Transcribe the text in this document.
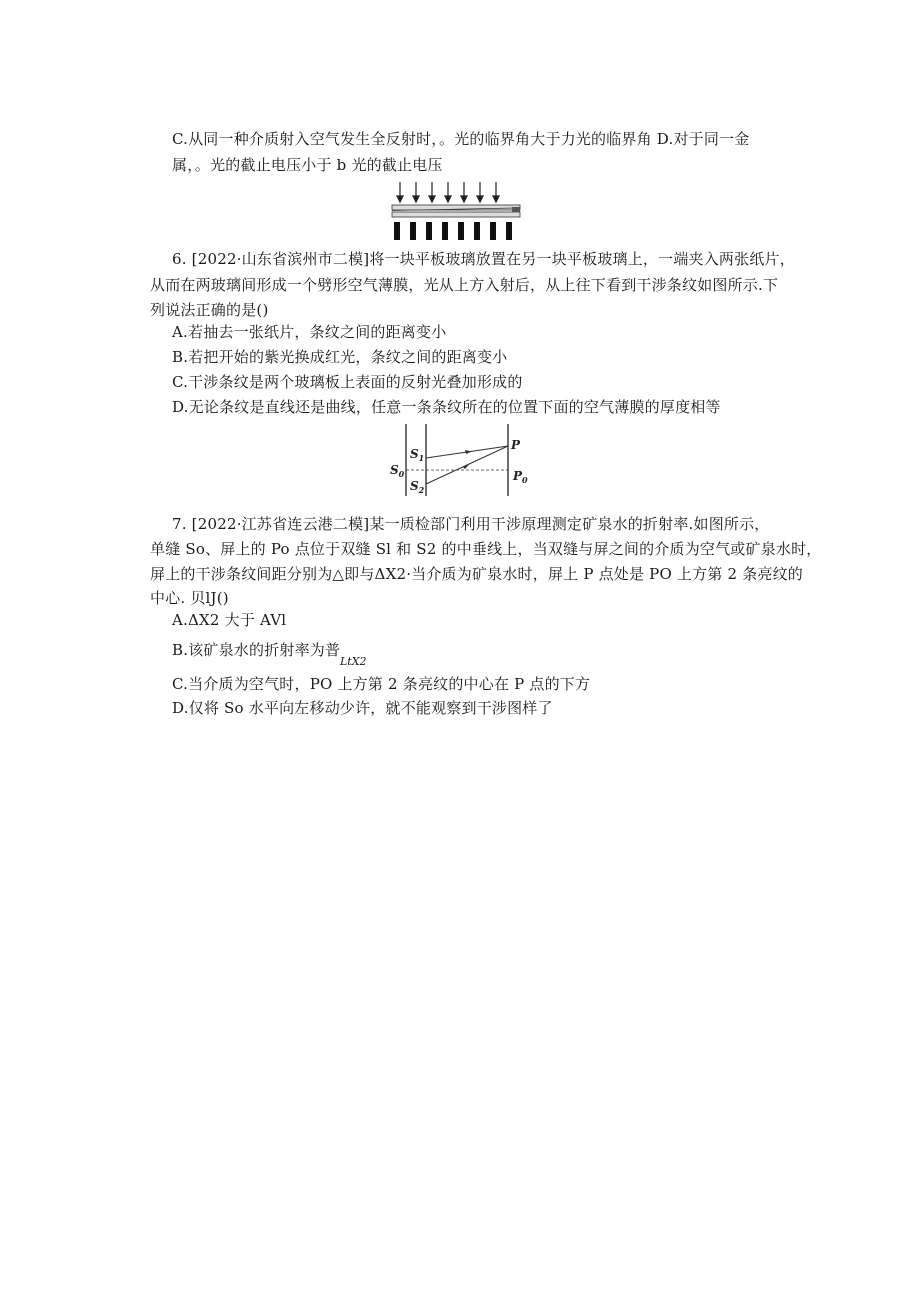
C.从同一种介质射入空气发生全反射时，。光的临界角大于力光的临界角 D.对于同一金
属，。光的截止电压小于 b 光的截止电压
6. [2022·山东省滨州市二模]将一块平板玻璃放置在另一块平板玻璃上，一端夹入两张纸片，
从而在两玻璃间形成一个劈形空气薄膜，光从上方入射后，从上往下看到干涉条纹如图所示.下
列说法正确的是()
A.若抽去一张纸片，条纹之间的距离变小
B.若把开始的紫光换成红光，条纹之间的距离变小
C.干涉条纹是两个玻璃板上表面的反射光叠加形成的
D.无论条纹是直线还是曲线，任意一条条纹所在的位置下面的空气薄膜的厚度相等
$S_1$
$S_0$
$S_2$
P
$P_0$
7. [2022·江苏省连云港二模]某一质检部门利用干涉原理测定矿泉水的折射率.如图所示，
单缝 So、屏上的 Po 点位于双缝 Sl 和 S2 的中垂线上，当双缝与屏之间的介质为空气或矿泉水时，
屏上的干涉条纹间距分别为△即与ΔX2·当介质为矿泉水时，屏上 P 点处是 PO 上方第 2 条亮纹的
中心. 贝lJ()
A.ΔX2 大于 AVl
B.该矿泉水的折射率为普
LtX2
C.当介质为空气时，PO 上方第 2 条亮纹的中心在 P 点的下方
D.仅将 So 水平向左移动少许，就不能观察到干涉图样了
